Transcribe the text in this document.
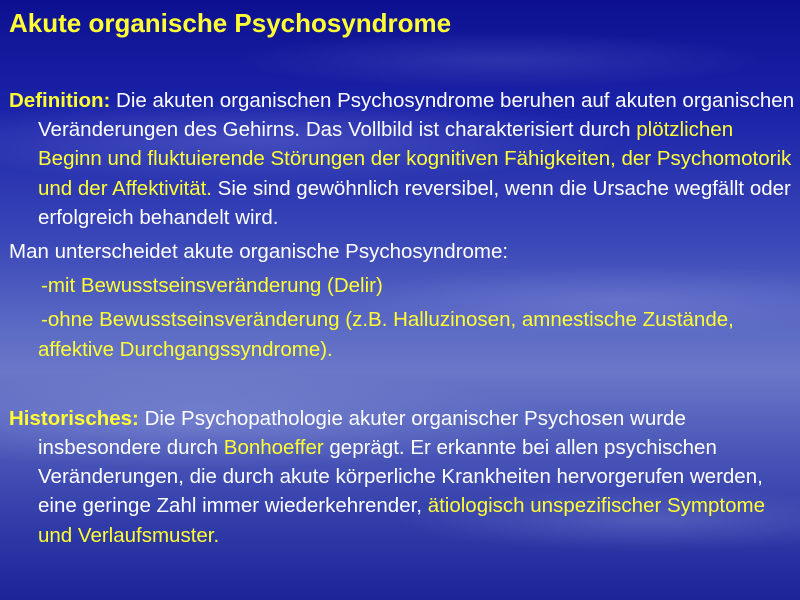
Akute organische Psychosyndrome

Definition: Die akuten organischen Psychosyndrome beruhen auf akuten organischen Veränderungen des Gehirns. Das Vollbild ist charakterisiert durch plötzlichen Beginn und fluktuierende Störungen der kognitiven Fähigkeiten, der Psychomotorik und der Affektivität. Sie sind gewöhnlich reversibel, wenn die Ursache wegfällt oder erfolgreich behandelt wird.

Man unterscheidet akute organische Psychosyndrome:

-mit Bewusstseinsveränderung (Delir)

-ohne Bewusstseinsveränderung (z.B. Halluzinosen, amnestische Zustände, affektive Durchgangssyndrome).

Historisches: Die Psychopathologie akuter organischer Psychosen wurde insbesondere durch Bonhoeffer geprägt. Er erkannte bei allen psychischen Veränderungen, die durch akute körperliche Krankheiten hervorgerufen werden, eine geringe Zahl immer wiederkehrender, ätiologisch unspezifischer Symptome und Verlaufsmuster.
